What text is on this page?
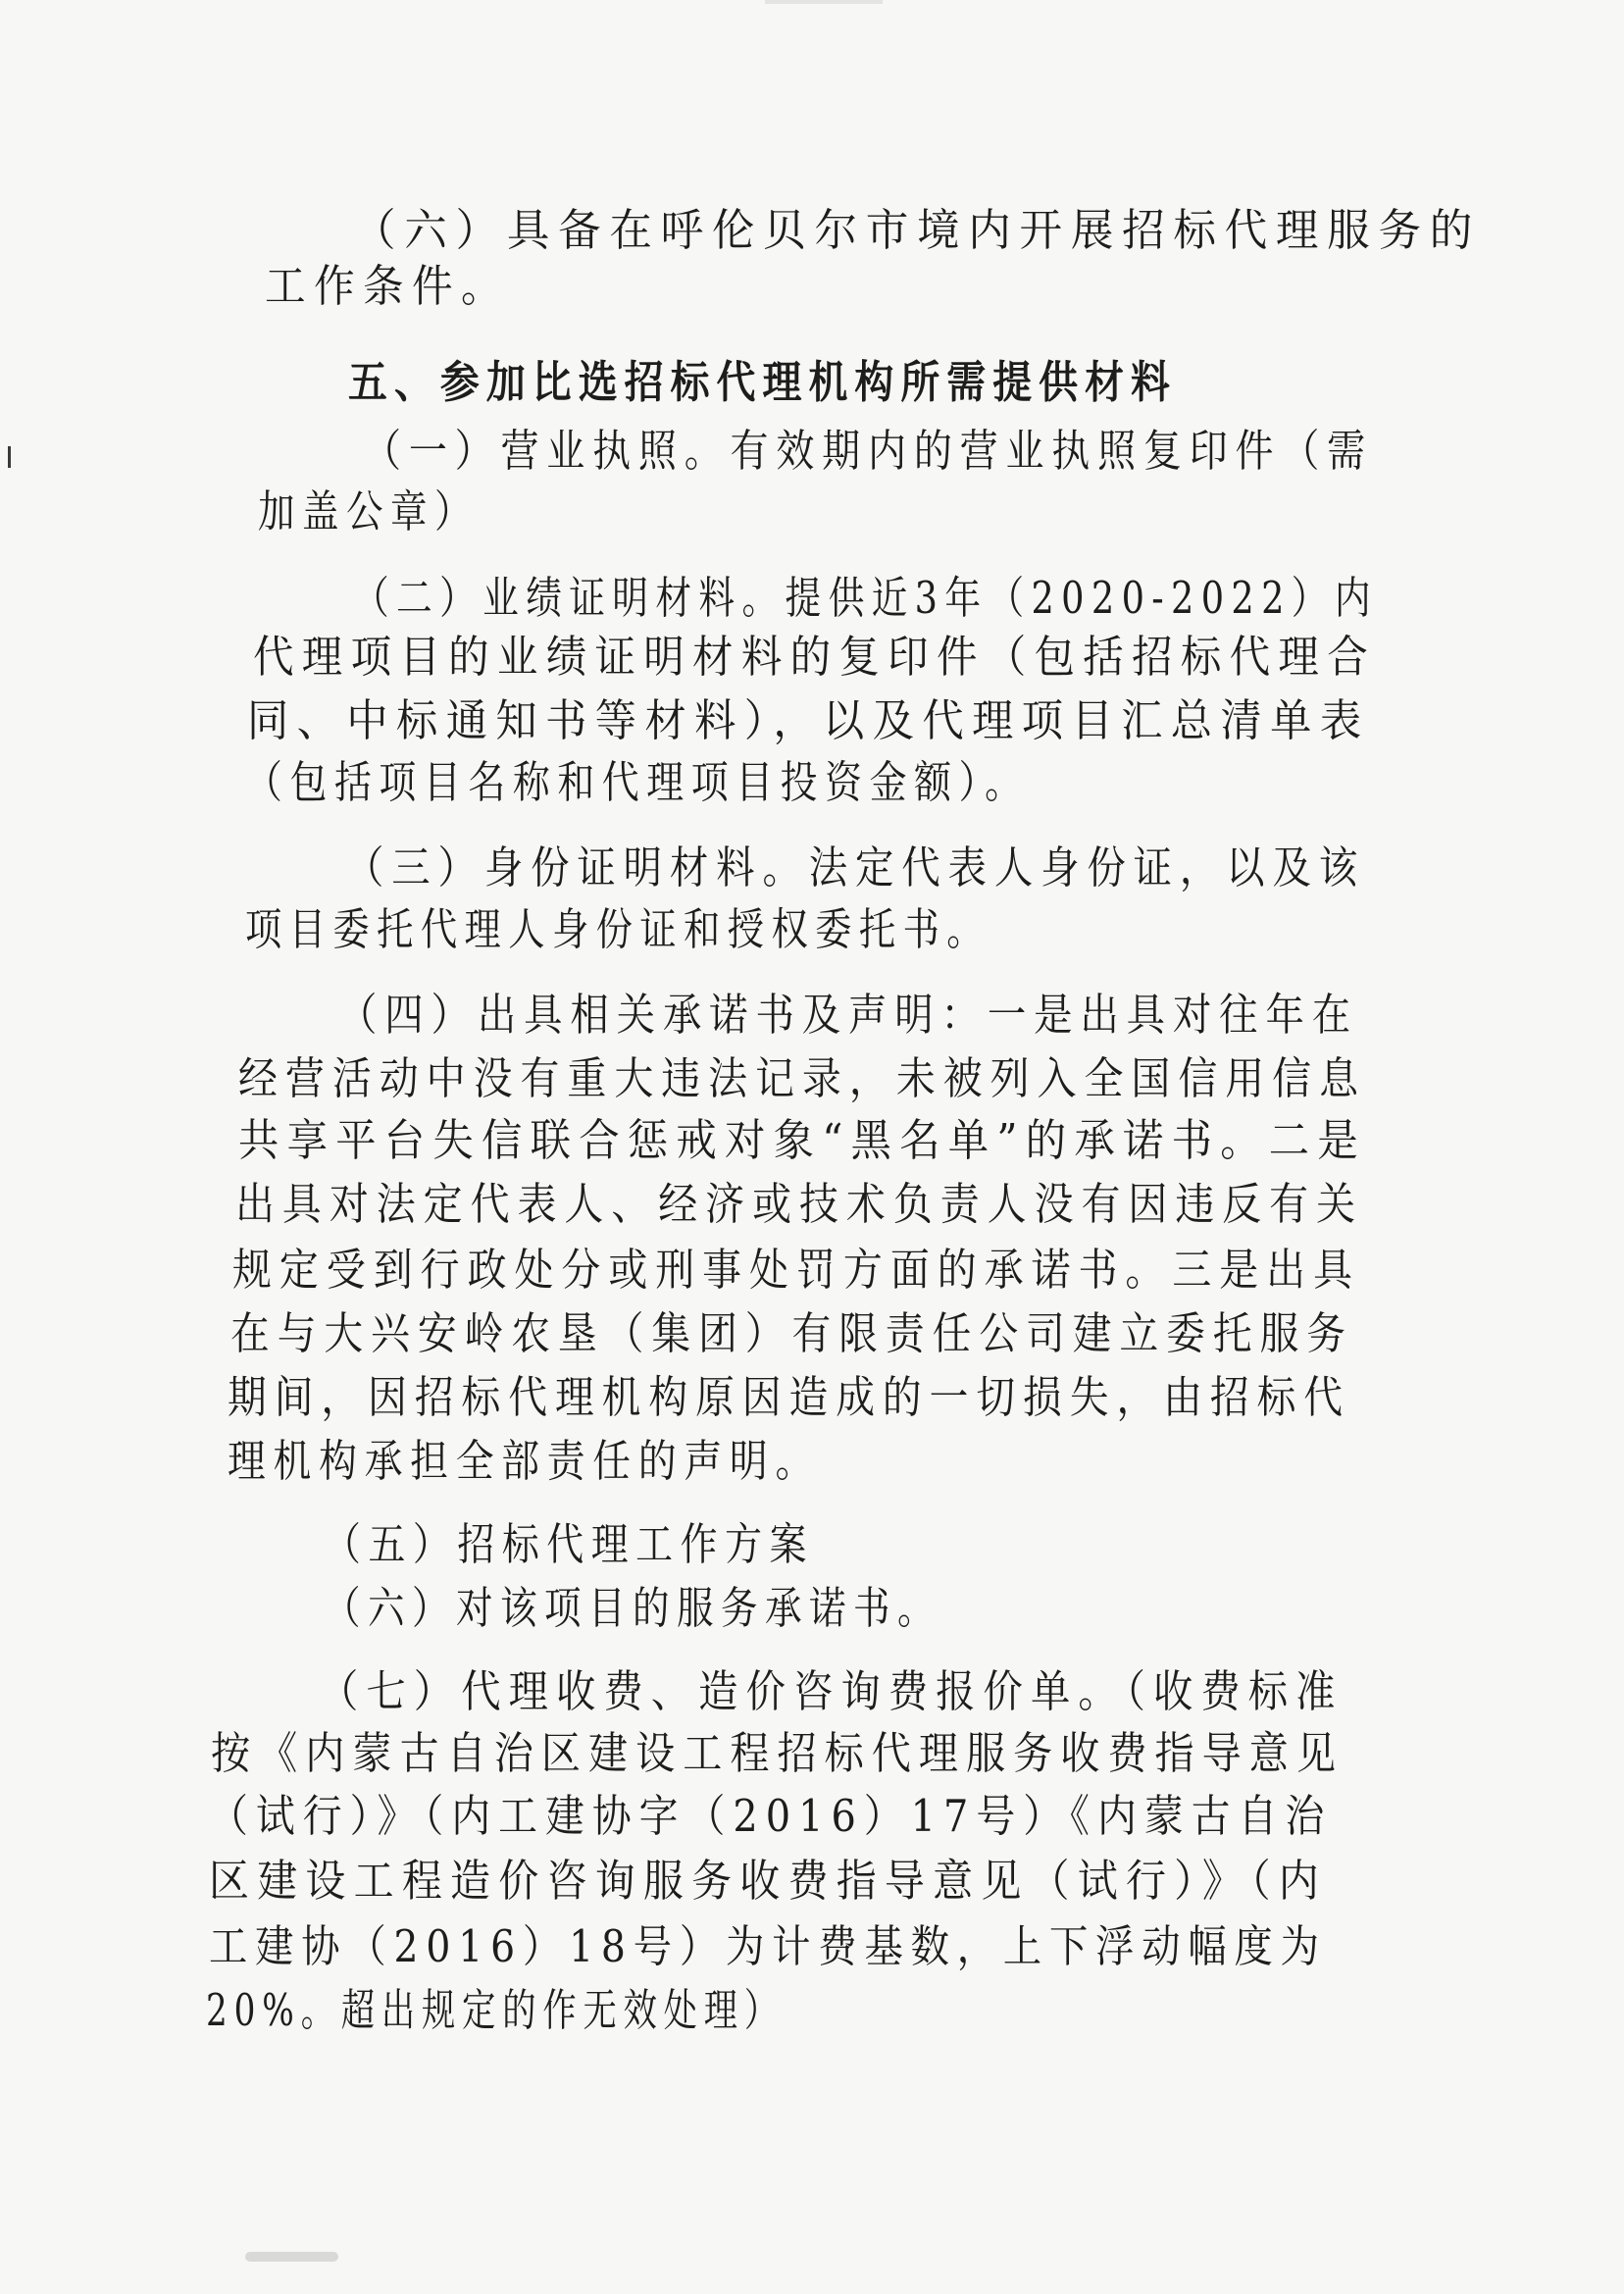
（六）具备在呼伦贝尔市境内开展招标代理服务的
工作条件。
五、参加比选招标代理机构所需提供材料
（一）营业执照。有效期内的营业执照复印件（需
加盖公章）
（二）业绩证明材料。提供近3年（2020-2022）内
代理项目的业绩证明材料的复印件（包括招标代理合
同、中标通知书等材料），以及代理项目汇总清单表
（包括项目名称和代理项目投资金额）。
（三）身份证明材料。法定代表人身份证，以及该
项目委托代理人身份证和授权委托书。
（四）出具相关承诺书及声明：一是出具对往年在
经营活动中没有重大违法记录，未被列入全国信用信息
共享平台失信联合惩戒对象“黑名单”的承诺书。二是
出具对法定代表人、经济或技术负责人没有因违反有关
规定受到行政处分或刑事处罚方面的承诺书。三是出具
在与大兴安岭农垦（集团）有限责任公司建立委托服务
期间，因招标代理机构原因造成的一切损失，由招标代
理机构承担全部责任的声明。
（五）招标代理工作方案
（六）对该项目的服务承诺书。
（七）代理收费、造价咨询费报价单。（收费标准
按《内蒙古自治区建设工程招标代理服务收费指导意见
（试行）》（内工建协字（2016）17号）《内蒙古自治
区建设工程造价咨询服务收费指导意见（试行）》（内
工建协（2016）18号）为计费基数，上下浮动幅度为
20%。超出规定的作无效处理）
